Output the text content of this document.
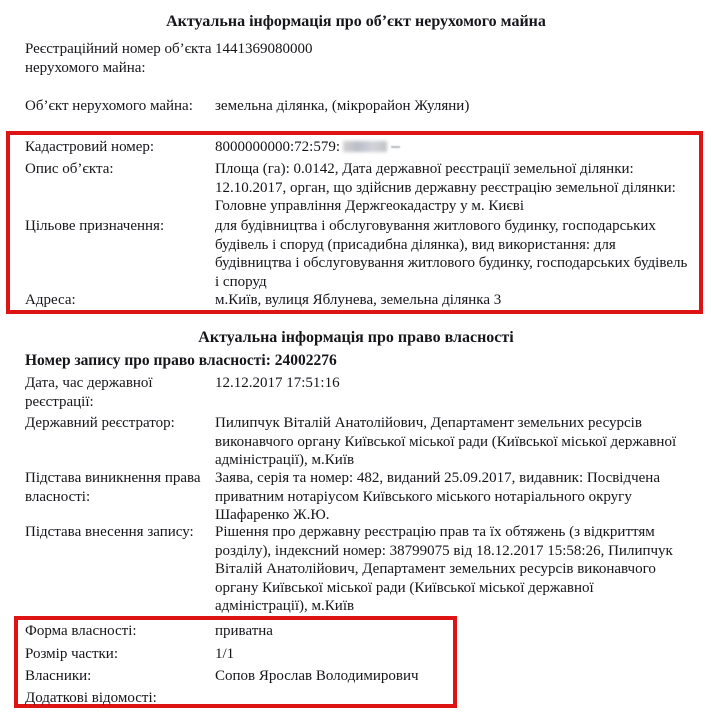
Актуальна інформація про об’єкт нерухомого майна
Реєстраційний номер об’єкта нерухомого майна:
1441369080000
Об’єкт нерухомого майна:	земельна ділянка, (мікрорайон Жуляни)
Кадастровий номер:	8000000000:72:579:
Опис об’єкта:	Площа (га): 0.0142, Дата державної реєстрації земельної ділянки: 12.10.2017, орган, що здійснив державну реєстрацію земельної ділянки: Головне управління Держгеокадастру у м. Києві
Цільове призначення:	для будівництва і обслуговування житлового будинку, господарських будівель і споруд (присадибна ділянка), вид використання: для будівництва і обслуговування житлового будинку, господарських будівель і споруд
Адреса:	м.Київ, вулиця Яблунева, земельна ділянка 3
Актуальна інформація про право власності
Номер запису про право власності: 24002276
Дата, час державної реєстрації:
12.12.2017 17:51:16
Державний реєстратор:	Пилипчук Віталій Анатолійович, Департамент земельних ресурсів виконавчого органу Київської міської ради (Київської міської державної адміністрації), м.Київ
Підстава виникнення права власності:
Заява, серія та номер: 482, виданий 25.09.2017, видавник: Посвідчена приватним нотаріусом Київського міського нотаріального округу Шафаренко Ж.Ю.
Підстава внесення запису:	Рішення про державну реєстрацію прав та їх обтяжень (з відкриттям розділу), індексний номер: 38799075 від 18.12.2017 15:58:26, Пилипчук Віталій Анатолійович, Департамент земельних ресурсів виконавчого органу Київської міської ради (Київської міської державної адміністрації), м.Київ
Форма власності:	приватна
Розмір частки:	1/1
Власники:	Сопов Ярослав Володимирович
Додаткові відомості:
